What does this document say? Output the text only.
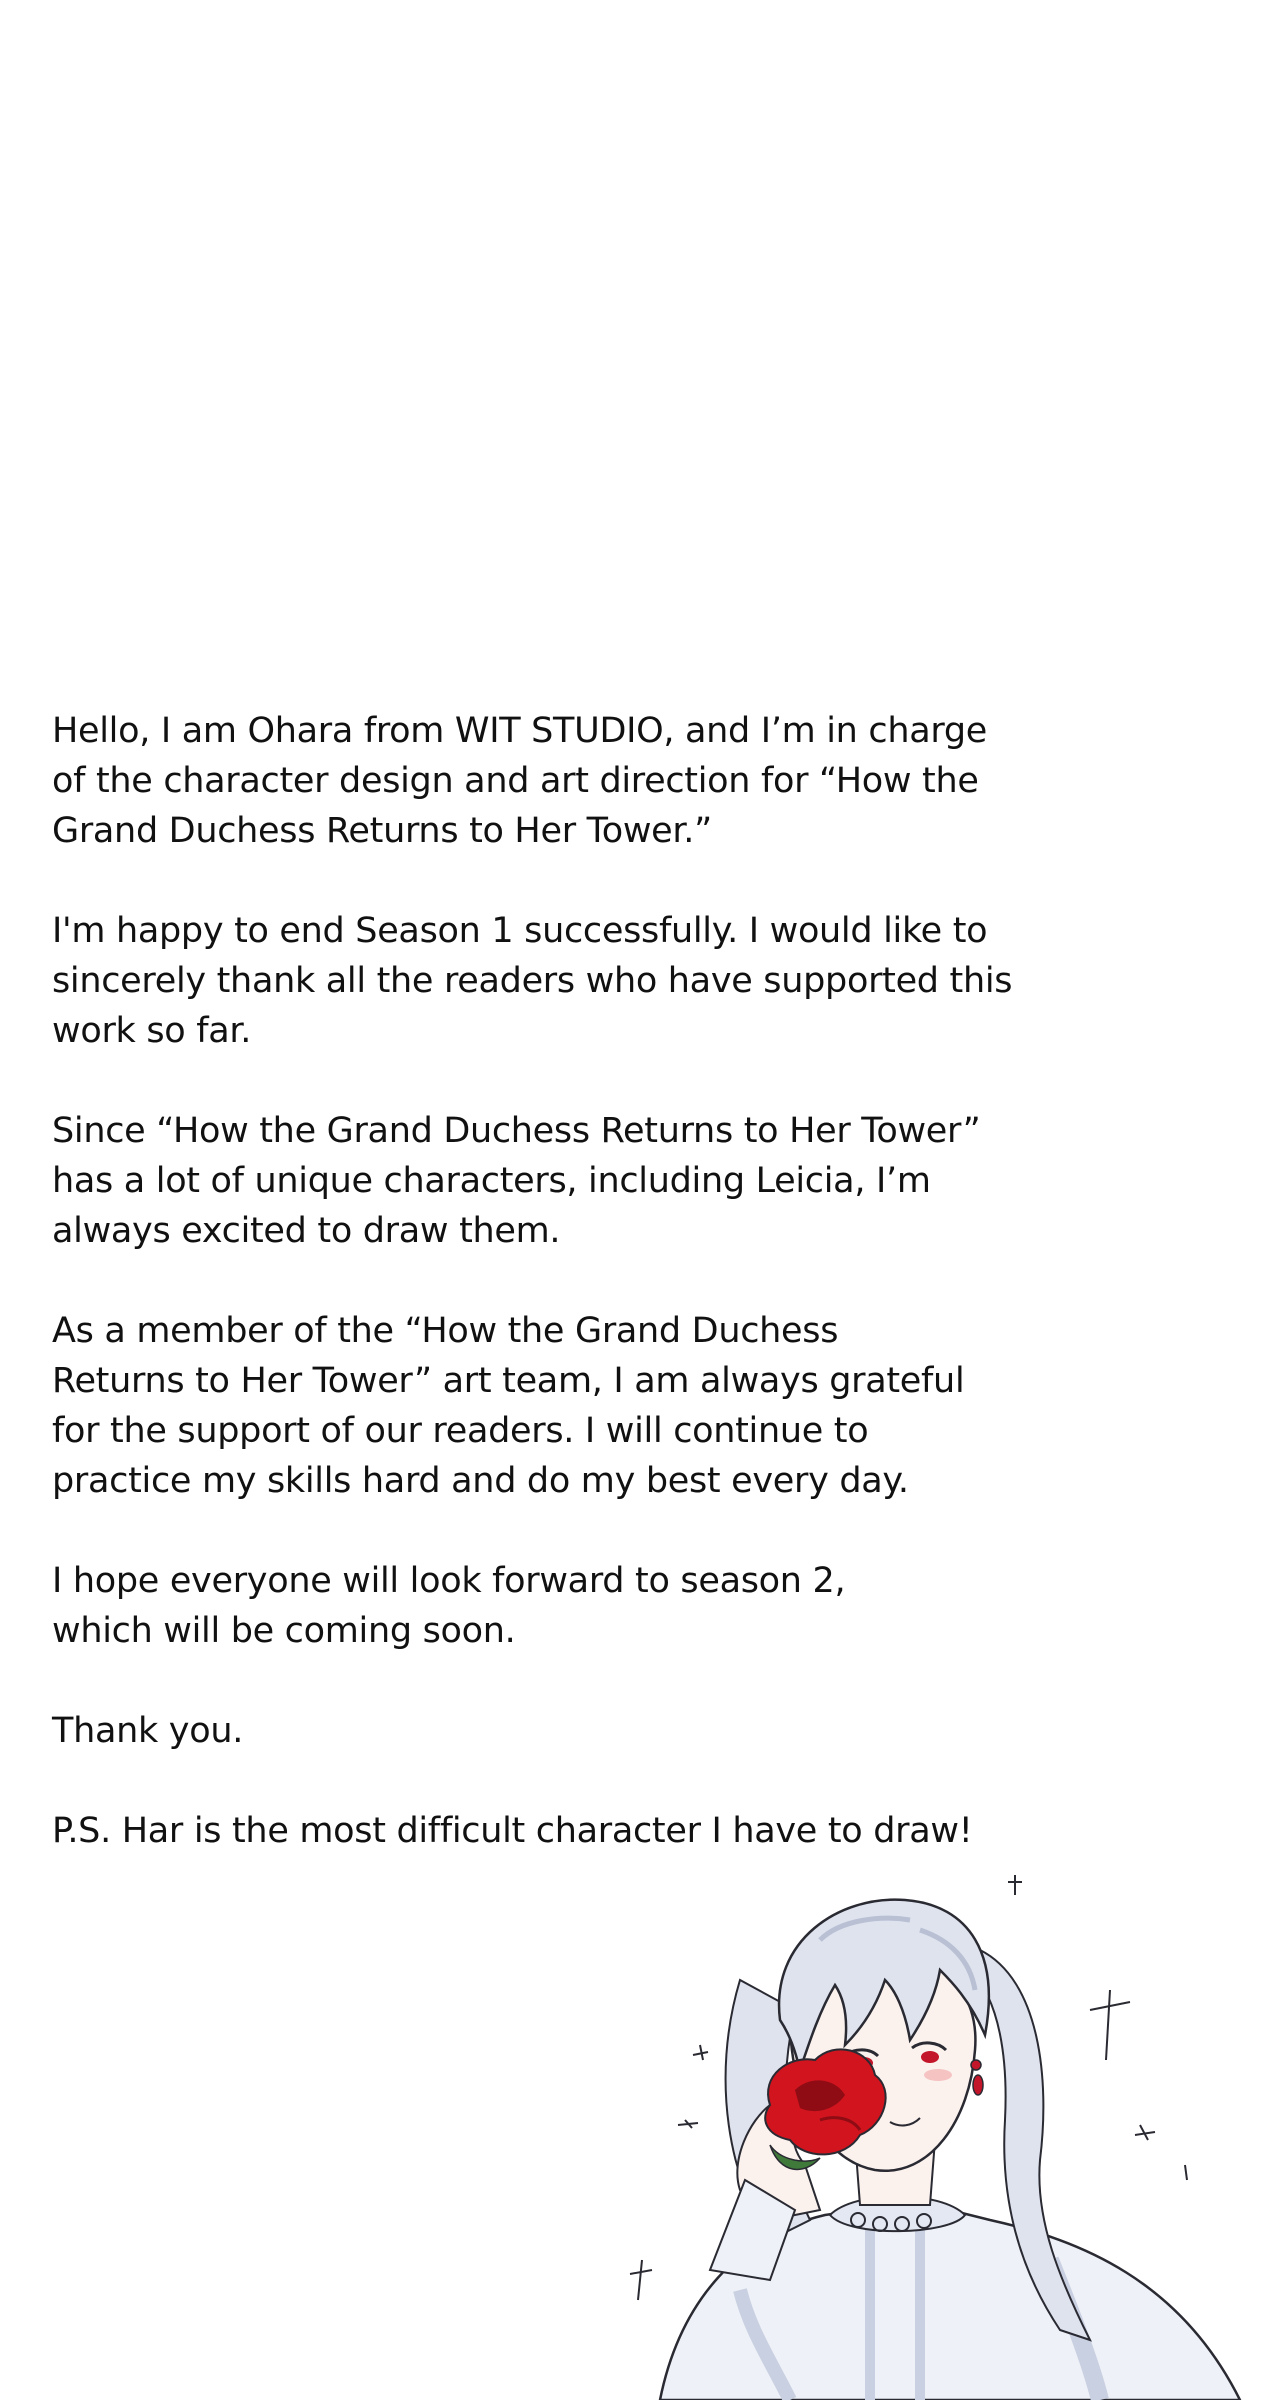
Hello, I am Ohara from WIT STUDIO, and I’m in charge
of the character design and art direction for “How the
Grand Duchess Returns to Her Tower.”

I'm happy to end Season 1 successfully. I would like to
sincerely thank all the readers who have supported this
work so far.

Since “How the Grand Duchess Returns to Her Tower”
has a lot of unique characters, including Leicia, I’m
always excited to draw them.

As a member of the “How the Grand Duchess
Returns to Her Tower” art team, I am always grateful
for the support of our readers. I will continue to
practice my skills hard and do my best every day.

I hope everyone will look forward to season 2,
which will be coming soon.

Thank you.

P.S. Har is the most difficult character I have to draw!
